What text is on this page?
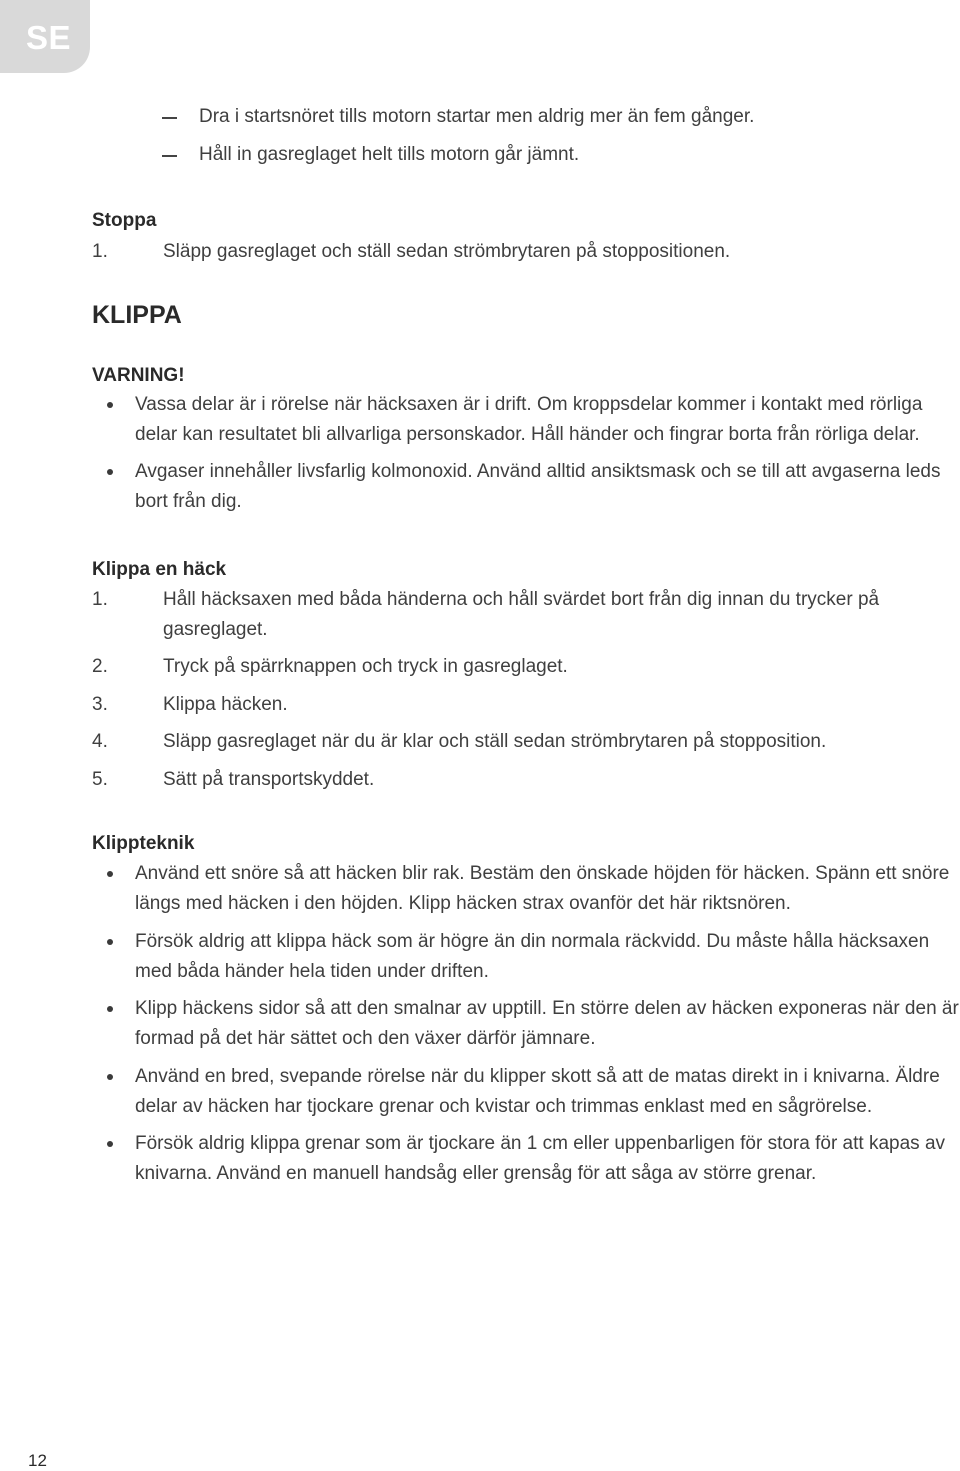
SE
Dra i startsnöret tills motorn startar men aldrig mer än fem gånger.
Håll in gasreglaget helt tills motorn går jämnt.
Stoppa
1.	Släpp gasreglaget och ställ sedan strömbrytaren på stoppositionen.
KLIPPA
VARNING!
Vassa delar är i rörelse när häcksaxen är i drift. Om kroppsdelar kommer i kontakt med rörliga
delar kan resultatet bli allvarliga personskador. Håll händer och fingrar borta från rörliga delar.
Avgaser innehåller livsfarlig kolmonoxid. Använd alltid ansiktsmask och se till att avgaserna leds
bort från dig.
Klippa en häck
1.	Håll häcksaxen med båda händerna och håll svärdet bort från dig innan du trycker på
gasreglaget.
2.	Tryck på spärrknappen och tryck in gasreglaget.
3.	Klippa häcken.
4.	Släpp gasreglaget när du är klar och ställ sedan strömbrytaren på stopposition.
5.	Sätt på transportskyddet.
Klippteknik
Använd ett snöre så att häcken blir rak. Bestäm den önskade höjden för häcken. Spänn ett snöre
längs med häcken i den höjden. Klipp häcken strax ovanför det här riktsnören.
Försök aldrig att klippa häck som är högre än din normala räckvidd. Du måste hålla häcksaxen
med båda händer hela tiden under driften.
Klipp häckens sidor så att den smalnar av upptill. En större delen av häcken exponeras när den är
formad på det här sättet och den växer därför jämnare.
Använd en bred, svepande rörelse när du klipper skott så att de matas direkt in i knivarna. Äldre
delar av häcken har tjockare grenar och kvistar och trimmas enklast med en sågrörelse.
Försök aldrig klippa grenar som är tjockare än 1 cm eller uppenbarligen för stora för att kapas av
knivarna. Använd en manuell handsåg eller grensåg för att såga av större grenar.
12
